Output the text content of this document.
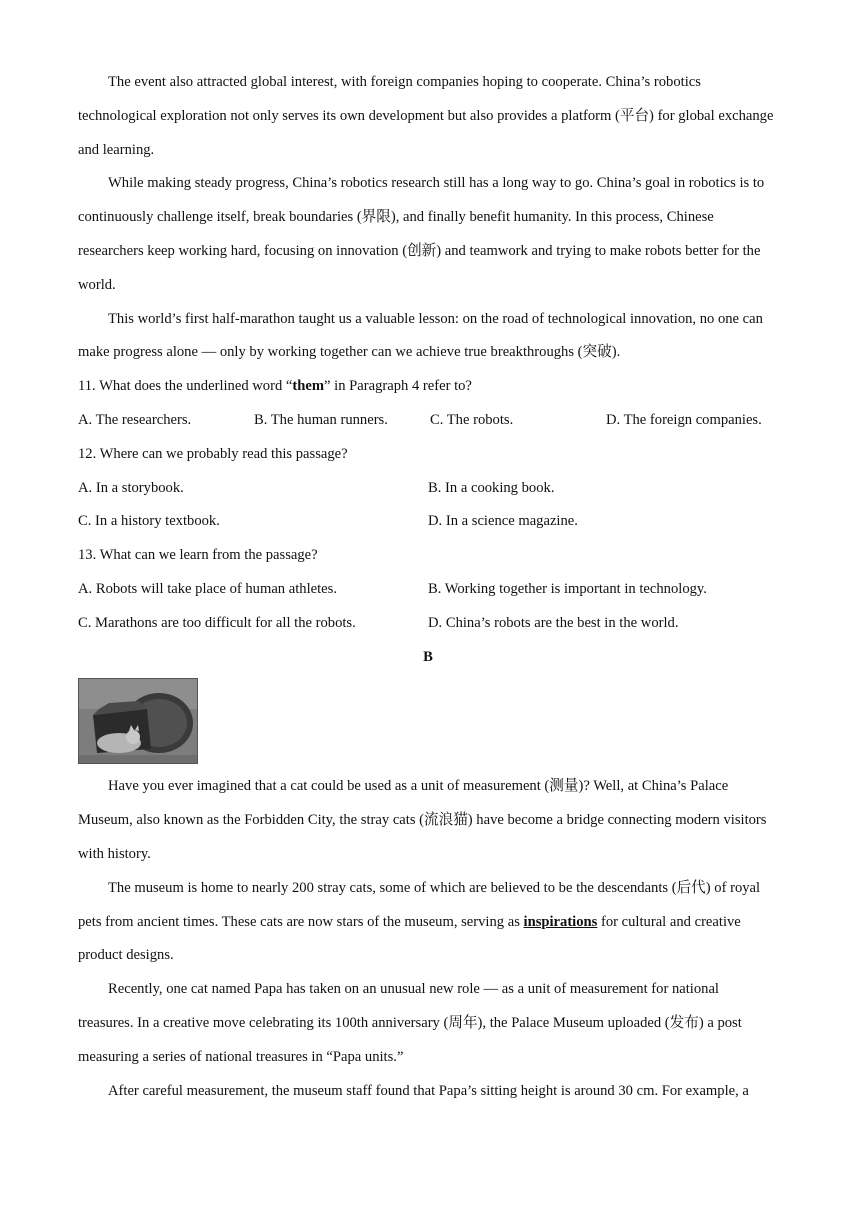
The event also attracted global interest, with foreign companies hoping to cooperate. China’s robotics technological exploration not only serves its own development but also provides a platform (平台) for global exchange and learning.

While making steady progress, China’s robotics research still has a long way to go. China’s goal in robotics is to continuously challenge itself, break boundaries (界限), and finally benefit humanity. In this process, Chinese researchers keep working hard, focusing on innovation (创新) and teamwork and trying to make robots better for the world.

This world’s first half-marathon taught us a valuable lesson: on the road of technological innovation, no one can make progress alone — only by working together can we achieve true breakthroughs (突破).

11. What does the underlined word “them” in Paragraph 4 refer to?

A. The researchers.	B. The human runners.	C. The robots.	D. The foreign companies.

12. Where can we probably read this passage?

A. In a storybook.	B. In a cooking book.
C. In a history textbook.	D. In a science magazine.

13. What can we learn from the passage?

A. Robots will take place of human athletes.	B. Working together is important in technology.
C. Marathons are too difficult for all the robots.	D. China’s robots are the best in the world.

B

Have you ever imagined that a cat could be used as a unit of measurement (测量)? Well, at China’s Palace Museum, also known as the Forbidden City, the stray cats (流浪猫) have become a bridge connecting modern visitors with history.

The museum is home to nearly 200 stray cats, some of which are believed to be the descendants (后代) of royal pets from ancient times. These cats are now stars of the museum, serving as inspirations for cultural and creative product designs.

Recently, one cat named Papa has taken on an unusual new role — as a unit of measurement for national treasures. In a creative move celebrating its 100th anniversary (周年), the Palace Museum uploaded (发布) a post measuring a series of national treasures in “Papa units.”

After careful measurement, the museum staff found that Papa’s sitting height is around 30 cm. For example, a
